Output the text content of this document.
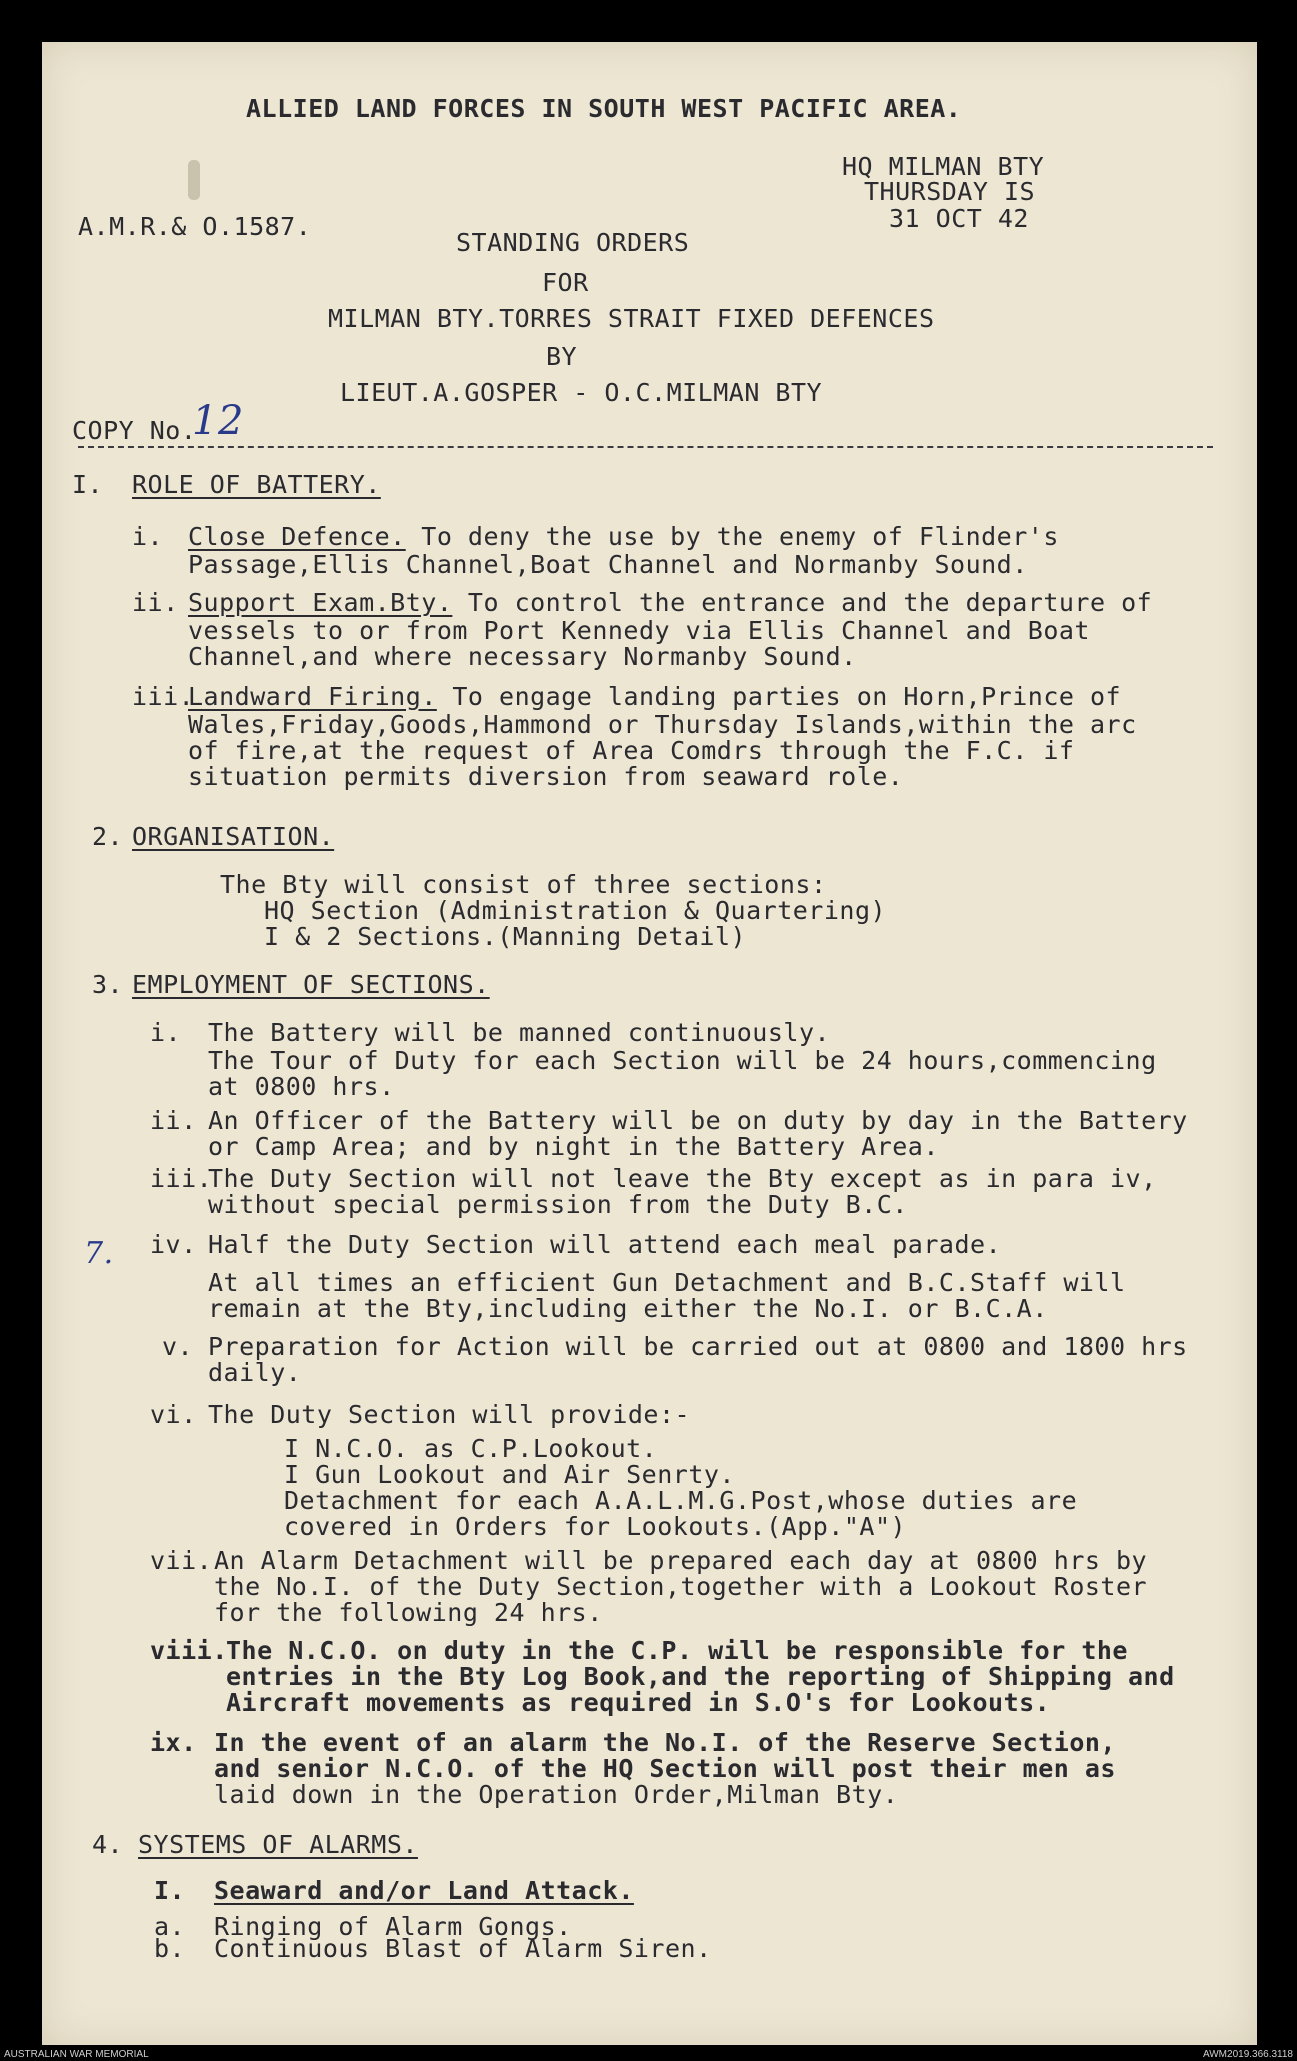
ALLIED LAND FORCES IN SOUTH WEST PACIFIC AREA.
HQ MILMAN BTY
THURSDAY IS
31 OCT 42
A.M.R.& O.1587.
STANDING ORDERS
FOR
MILMAN BTY.TORRES STRAIT FIXED DEFENCES
BY
LIEUT.A.GOSPER - O.C.MILMAN BTY
COPY No.
12
I. ROLE OF BATTERY.
i. Close Defence. To deny the use by the enemy of Flinder's
Passage,Ellis Channel,Boat Channel and Normanby Sound.
ii. Support Exam.Bty. To control the entrance and the departure of
vessels to or from Port Kennedy via Ellis Channel and Boat
Channel,and where necessary Normanby Sound.
iii.
Landward Firing. To engage landing parties on Horn,Prince of
Wales,Friday,Goods,Hammond or Thursday Islands,within the arc
of fire,at the request of Area Comdrs through the F.C. if
situation permits diversion from seaward role.
2. ORGANISATION.
The Bty will consist of three sections:
HQ Section (Administration & Quartering)
I & 2 Sections.(Manning Detail)
3. EMPLOYMENT OF SECTIONS.
i. The Battery will be manned continuously.
The Tour of Duty for each Section will be 24 hours,commencing
at 0800 hrs.
ii. An Officer of the Battery will be on duty by day in the Battery
or Camp Area; and by night in the Battery Area.
iii.
The Duty Section will not leave the Bty except as in para iv,
without special permission from the Duty B.C.
7. iv. Half the Duty Section will attend each meal parade.
At all times an efficient Gun Detachment and B.C.Staff will
remain at the Bty,including either the No.I. or B.C.A.
v. Preparation for Action will be carried out at 0800 and 1800 hrs
daily.
vi. The Duty Section will provide:-
I N.C.O. as C.P.Lookout.
I Gun Lookout and Air Senrty.
Detachment for each A.A.L.M.G.Post,whose duties are
covered in Orders for Lookouts.(App."A")
vii. An Alarm Detachment will be prepared each day at 0800 hrs by
the No.I. of the Duty Section,together with a Lookout Roster
for the following 24 hrs.
viii.
The N.C.O. on duty in the C.P. will be responsible for the
entries in the Bty Log Book,and the reporting of Shipping and
Aircraft movements as required in S.O's for Lookouts.
ix. In the event of an alarm the No.I. of the Reserve Section,
and senior N.C.O. of the HQ Section will post their men as
laid down in the Operation Order,Milman Bty.
4. SYSTEMS OF ALARMS.
I. Seaward and/or Land Attack.
a. Ringing of Alarm Gongs.
b. Continuous Blast of Alarm Siren.
AUSTRALIAN WAR MEMORIAL	AWM2019.366.3118
